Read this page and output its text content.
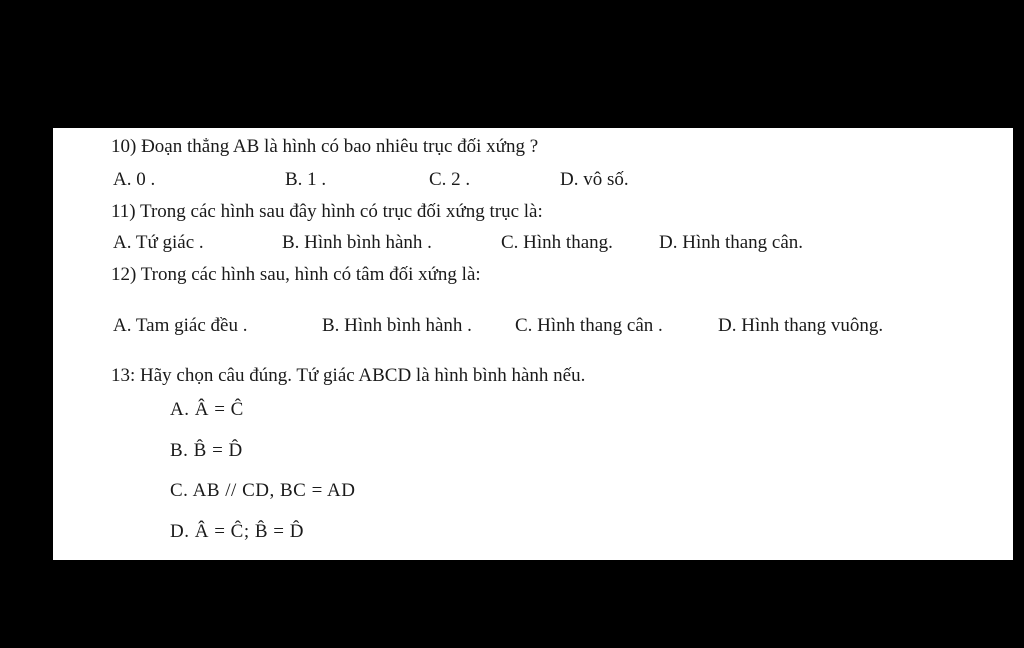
10) Đoạn thẳng AB là hình có bao nhiêu trục đối xứng ?
A. 0 .	B. 1 .	C. 2 .	D. vô số.
11) Trong các hình sau đây hình có trục đối xứng trục là:
A. Tứ giác .	B. Hình bình hành .	C. Hình thang. D. Hình thang cân.
12) Trong các hình sau, hình có tâm đối xứng là:
A. Tam giác đều .	B. Hình bình hành . C. Hình thang cân .	D. Hình thang vuông.
13: Hãy chọn câu đúng. Tứ giác ABCD là hình bình hành nếu.
A. Â = Ĉ
B. B̂ = D̂
C. AB // CD, BC = AD
D. Â = Ĉ; B̂ = D̂
